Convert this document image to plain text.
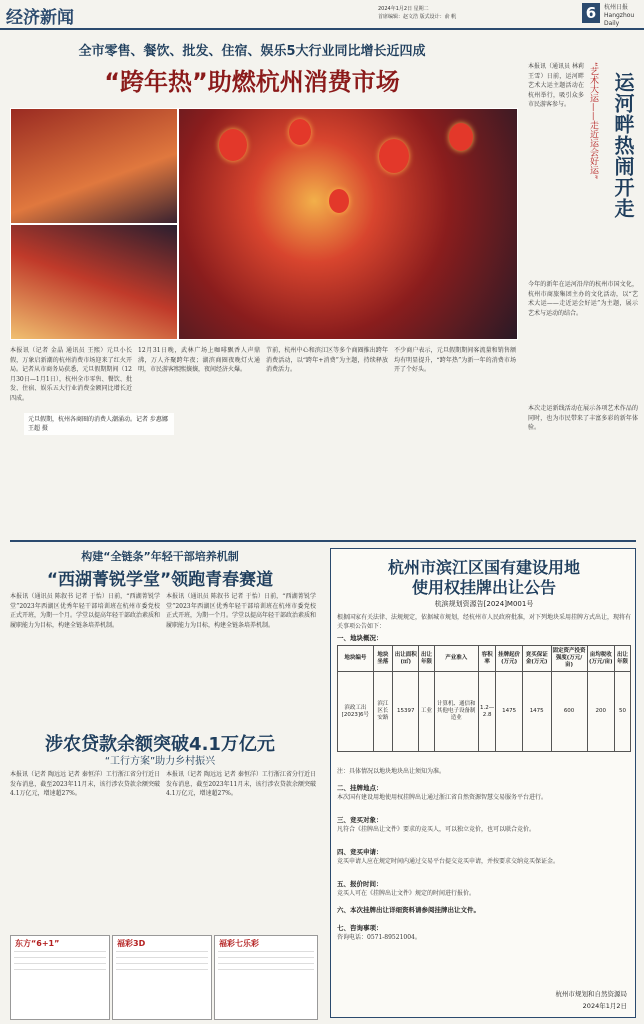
经济新闻	2024年1月2日 星期二
首席编辑：赵文浩 版式设计：俞 帆	6	杭州日报
Hangzhou Daily
全市零售、餐饮、批发、住宿、娱乐5大行业同比增长近四成
“跨年热”助燃杭州消费市场
元旦假期，杭州各商圈的消费人潮涌动。记者 步惠娜 王超 摄
“艺术大运——走近运会好运” 运河畔热闹开走
本报讯（通讯员 林莉 王雪）日前，运河畔艺术大运主题活动在杭州举行，吸引众多市民游客参与。
今年的新年在运河沿岸的杭州市国文化，杭州市商旅集团主办的文化活动，以“艺术大运——走近运会好运”为主题，展示艺术与运动的结合。
本次走运新线活动在展示各项艺术作品的同时，也为市民带来了丰富多彩的新年体验。
本报讯（记者 金晶 通讯员 王熙）元旦小长假，万象启新潮的杭州消费市场迎来了红火开局。记者从市商务局获悉，元旦假期期间（12月30日—1月1日），杭州全市零售、餐饮、批发、住宿、娱乐五大行业消费金额同比增长近四成。
12月31日晚，武林广场上咖啡飘香人声鼎沸，万人齐聚跨年夜；湖滨商圈夜晚灯火通明，市民游客熙熙攘攘，夜间经济火爆。
节前，杭州中心和滨江区等多个商圈推出跨年消费活动，以“跨年+消费”为主题，持续释放消费活力。
不少商户表示，元旦假期期间客流量和销售额均有明显提升，“跨年热”为新一年的消费市场开了个好头。
构建“全链条”年轻干部培养机制
“西湖菁锐学堂”领跑青春赛道
本报讯（通讯员 陈叙书 记者 于怡）日前，“西湖菁锐学堂”2023年西湖区优秀年轻干部培训班在杭州市委党校正式开班，为期一个月。学堂以提高年轻干部政治素质和履职能力为目标，构建全链条培养机制。
本报讯（通讯员 陈叙书 记者 于怡）日前，“西湖菁锐学堂”2023年西湖区优秀年轻干部培训班在杭州市委党校正式开班，为期一个月。学堂以提高年轻干部政治素质和履职能力为目标，构建全链条培养机制。
涉农贷款余额突破4.1万亿元
“工行方案”助力乡村振兴
本报讯（记者 陶远远 记者 秦恒洋）工行浙江省分行近日发布消息，截至2023年11月末，该行涉农贷款余额突破4.1万亿元，增速超27%。
本报讯（记者 陶远远 记者 秦恒洋）工行浙江省分行近日发布消息，截至2023年11月末，该行涉农贷款余额突破4.1万亿元，增速超27%。
东方“6+1”	福彩3D	福彩七乐彩
杭州市滨江区国有建设用地
使用权挂牌出让公告
杭滨规划资源告[2024]M001号
根据国家有关法律、法规规定，依据城市规划，经杭州市人民政府批准，对下列地块采用挂牌方式出让，现将有关事项公告如下：
一、地块概况：
地块编号	地块坐落	出让面积(㎡)	出让年限	产业准入	容积率	挂牌起价(万元)	竞买保证金(万元)	固定资产投资强度(万元/亩)	亩均税收(万元/亩)	出让年限
滨政工出[2023]6号	滨江区长安路	15397	工业	计算机、通信和其他电子设备制造业	1.2—2.8	1475	1475	600	200	50
注：具体情况以地块地块出让须知为准。
二、挂牌地点：
本次国有建设用地使用权挂牌出让通过浙江省自然资源智慧交易服务平台进行。
三、竞买对象：
凡符合《挂牌出让文件》要求的竞买人，可以独立竞价，也可以联合竞价。
四、竞买申请：
竞买申请人应在规定时间内通过交易平台提交竞买申请，并按要求交纳竞买保证金。
五、报价时间：
竞买人可在《挂牌出让文件》规定的时间进行报价。
六、本次挂牌出让详细资料请参阅挂牌出让文件。
七、咨询事项：
咨询电话：0571-89521004。
杭州市规划和自然资源局
2024年1月2日
